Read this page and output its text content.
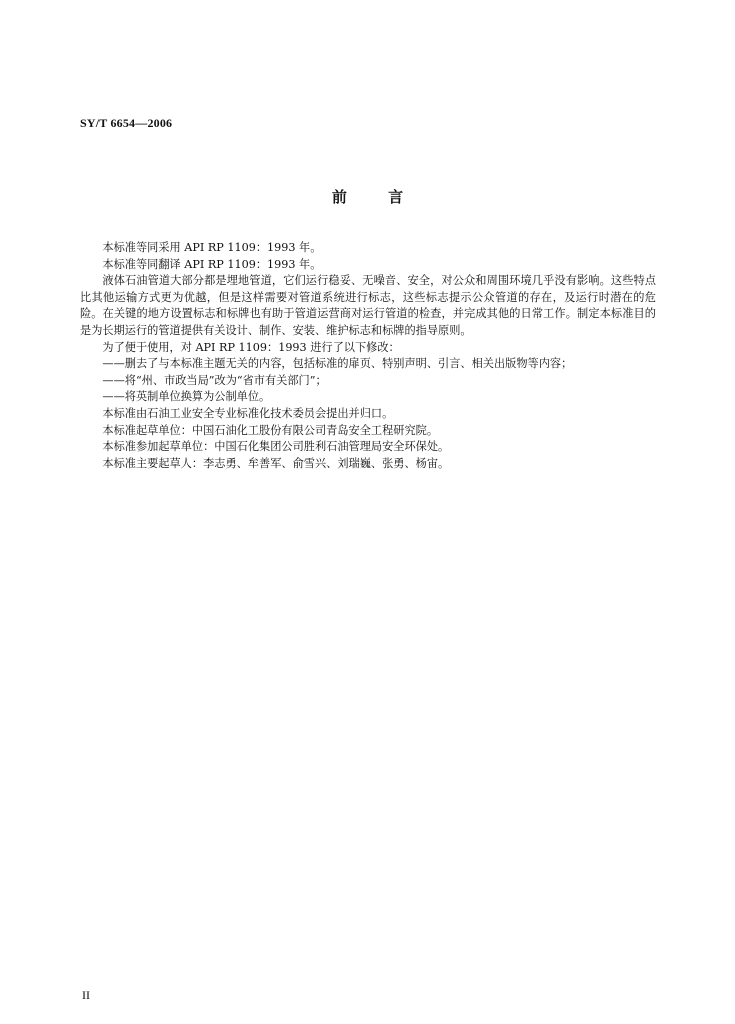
SY/T 6654—2006
前	言

本标准等同采用 API RP 1109：1993 年。

本标准等同翻译 API RP 1109：1993 年。

液体石油管道大部分都是埋地管道，它们运行稳妥、无噪音、安全，对公众和周围环境几乎没有影响。这些特点比其他运输方式更为优越，但是这样需要对管道系统进行标志，这些标志提示公众管道的存在，及运行时潜在的危险。在关键的地方设置标志和标牌也有助于管道运营商对运行管道的检查，并完成其他的日常工作。制定本标准目的是为长期运行的管道提供有关设计、制作、安装、维护标志和标牌的指导原则。

为了便于使用，对 API RP 1109：1993 进行了以下修改：

——删去了与本标准主题无关的内容，包括标准的扉页、特别声明、引言、相关出版物等内容；

——将“州、市政当局”改为“省市有关部门”；

——将英制单位换算为公制单位。

本标准由石油工业安全专业标准化技术委员会提出并归口。

本标准起草单位：中国石油化工股份有限公司青岛安全工程研究院。

本标准参加起草单位：中国石化集团公司胜利石油管理局安全环保处。

本标准主要起草人：李志勇、牟善军、俞雪兴、刘瑞巍、张勇、杨宙。

II
